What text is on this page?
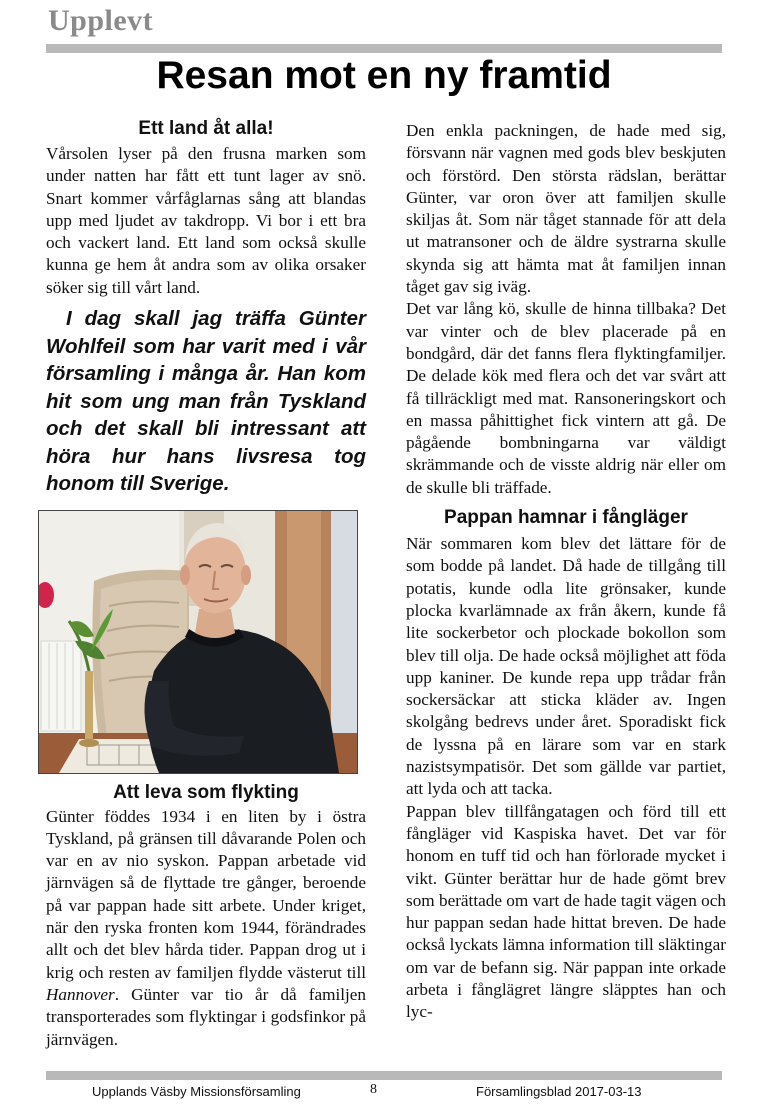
Upplevt
Resan mot en ny framtid

Ett land åt alla!

Vårsolen lyser på den frusna marken som under natten har fått ett tunt lager av snö. Snart kommer vårfåglarnas sång att blandas upp med ljudet av takdropp. Vi bor i ett bra och vackert land. Ett land som också skulle kunna ge hem åt andra som av olika orsaker söker sig till vårt land.

I dag skall jag träffa Günter Wohlfeil som har varit med i vår församling i många år. Han kom hit som ung man från Tyskland och det skall bli intressant att höra hur hans livsresa tog honom till Sverige.

Att leva som flykting

Günter föddes 1934 i en liten by i östra Tyskland, på gränsen till dåvarande Polen och var en av nio syskon. Pappan arbetade vid järnvägen så de flyttade tre gånger, beroende på var pappan hade sitt arbete. Under kriget, när den ryska fronten kom 1944, förändrades allt och det blev hårda tider. Pappan drog ut i krig och resten av familjen flydde västerut till Hannover. Günter var tio år då familjen transporterades som flyktingar i godsfinkor på järnvägen.

Den enkla packningen, de hade med sig, försvann när vagnen med gods blev beskjuten och förstörd. Den största rädslan, berättar Günter, var oron över att familjen skulle skiljas åt. Som när tåget stannade för att dela ut matransoner och de äldre systrarna skulle skynda sig att hämta mat åt familjen innan tåget gav sig iväg.

Det var lång kö, skulle de hinna tillbaka? Det var vinter och de blev placerade på en bondgård, där det fanns flera flyktingfamiljer. De delade kök med flera och det var svårt att få tillräckligt med mat. Ransoneringskort och en massa påhittighet fick vintern att gå. De pågående bombningarna var väldigt skrämmande och de visste aldrig när eller om de skulle bli träffade.

Pappan hamnar i fångläger

När sommaren kom blev det lättare för de som bodde på landet. Då hade de tillgång till potatis, kunde odla lite grönsaker, kunde plocka kvarlämnade ax från åkern, kunde få lite sockerbetor och plockade bokollon som blev till olja. De hade också möjlighet att föda upp kaniner. De kunde repa upp trådar från sockersäckar att sticka kläder av. Ingen skolgång bedrevs under året. Sporadiskt fick de lyssna på en lärare som var en stark nazistsympatisör. Det som gällde var partiet, att lyda och att tacka.

Pappan blev tillfångatagen och förd till ett fångläger vid Kaspiska havet. Det var för honom en tuff tid och han förlorade mycket i vikt. Günter berättar hur de hade gömt brev som berättade om vart de hade tagit vägen och hur pappan sedan hade hittat breven. De hade också lyckats lämna information till släktingar om var de befann sig. När pappan inte orkade arbeta i fånglägret längre släpptes han och lyc-

Upplands Väsby Missionsförsamling	8	Församlingsblad 2017-03-13
